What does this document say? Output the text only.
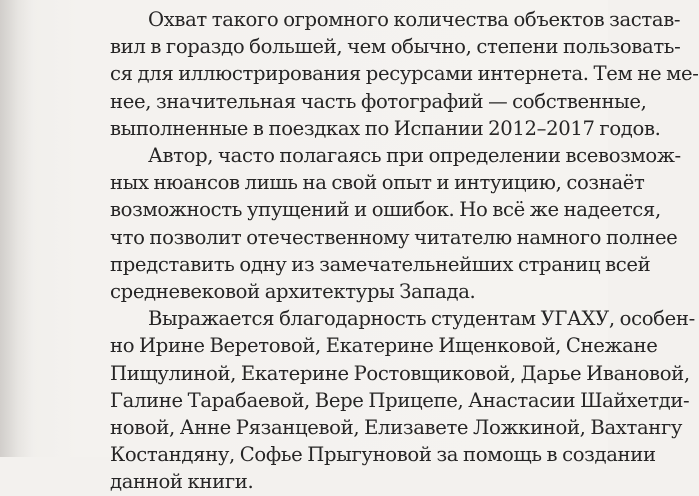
Охват такого огромного количества объектов застав-
вил в гораздо большей, чем обычно, степени пользовать-
ся для иллюстрирования ресурсами интернета. Тем не ме-
нее, значительная часть фотографий — собственные,
выполненные в поездках по Испании 2012–2017 годов.

Автор, часто полагаясь при определении всевозмож-
ных нюансов лишь на свой опыт и интуицию, сознаёт
возможность упущений и ошибок. Но всё же надеется,
что позволит отечественному читателю намного полнее
представить одну из замечательнейших страниц всей
средневековой архитектуры Запада.

Выражается благодарность студентам УГАХУ, особен-
но Ирине Веретовой, Екатерине Ищенковой, Снежане
Пищулиной, Екатерине Ростовщиковой, Дарье Ивановой,
Галине Тарабаевой, Вере Прицепе, Анастасии Шайхетди-
новой, Анне Рязанцевой, Елизавете Ложкиной, Вахтангу
Костандяну, Софье Прыгуновой за помощь в создании
данной книги.
